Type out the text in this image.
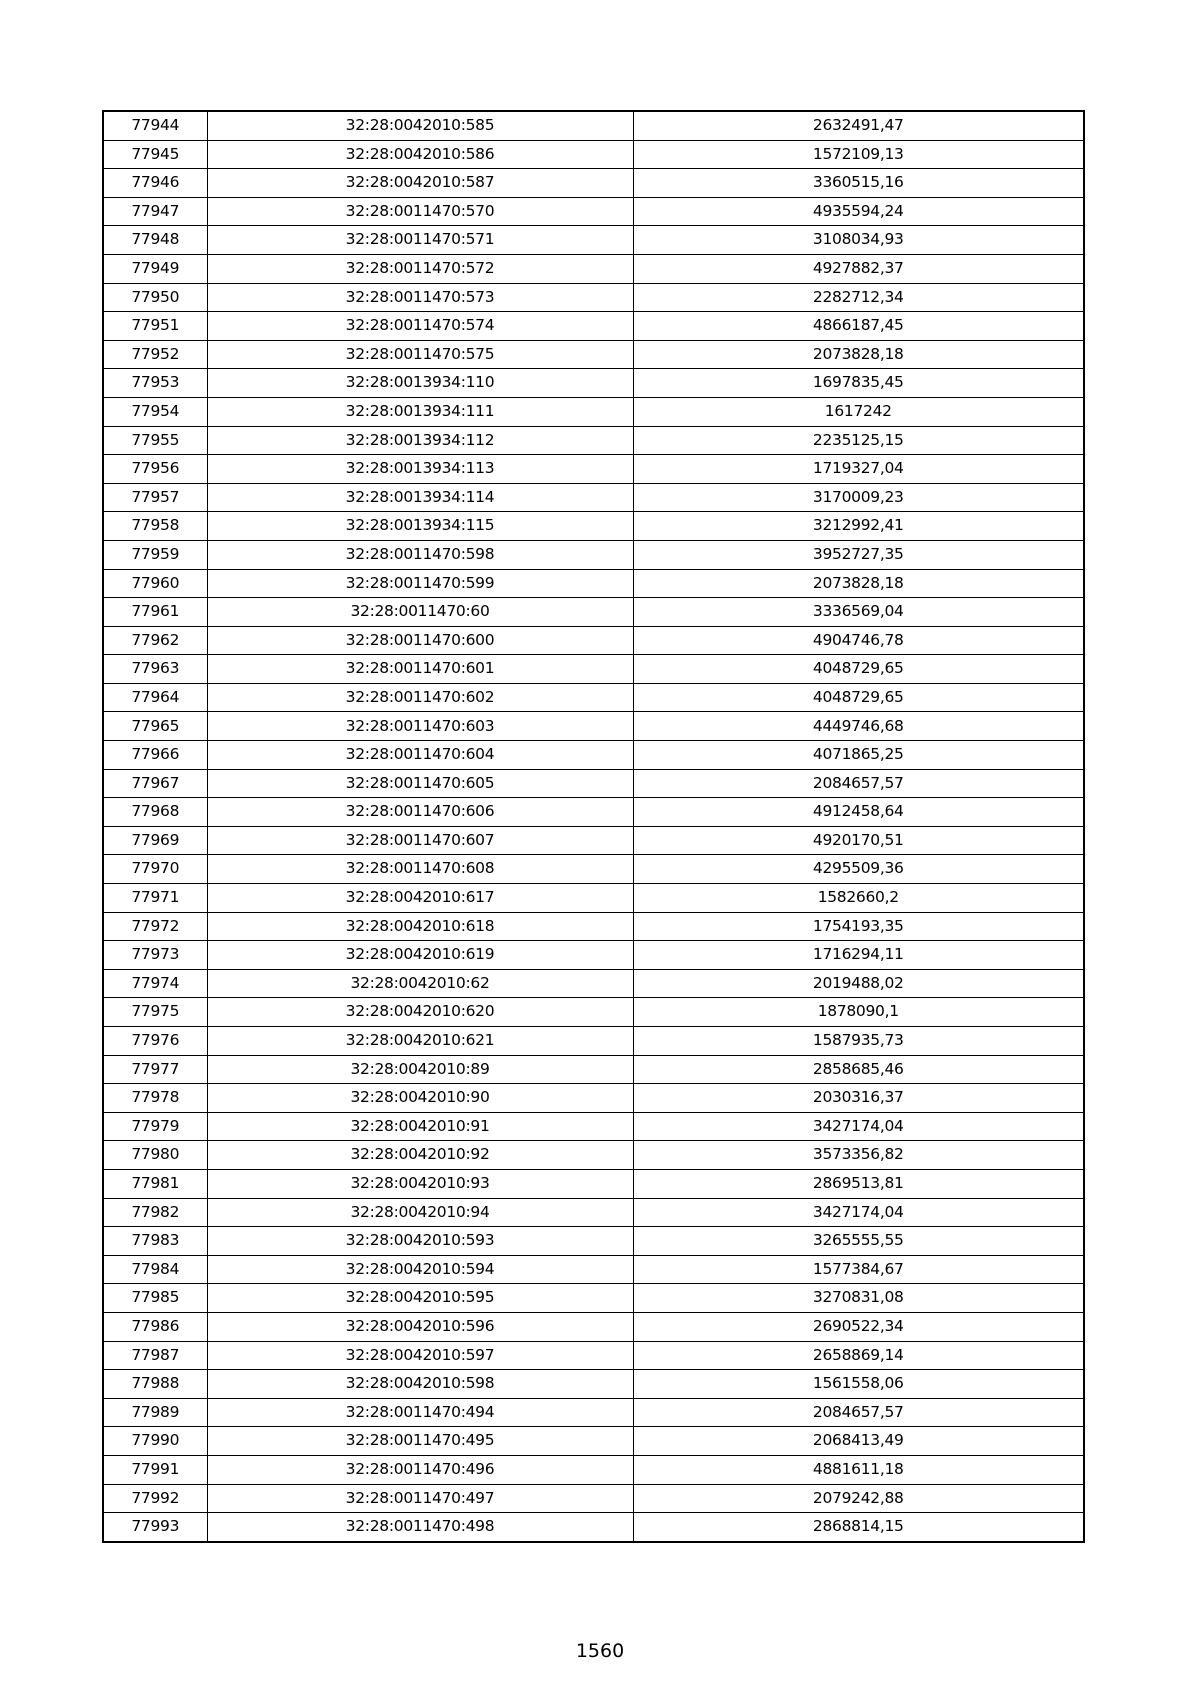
77944	32:28:0042010:585	2632491,47
77945	32:28:0042010:586	1572109,13
77946	32:28:0042010:587	3360515,16
77947	32:28:0011470:570	4935594,24
77948	32:28:0011470:571	3108034,93
77949	32:28:0011470:572	4927882,37
77950	32:28:0011470:573	2282712,34
77951	32:28:0011470:574	4866187,45
77952	32:28:0011470:575	2073828,18
77953	32:28:0013934:110	1697835,45
77954	32:28:0013934:111	1617242
77955	32:28:0013934:112	2235125,15
77956	32:28:0013934:113	1719327,04
77957	32:28:0013934:114	3170009,23
77958	32:28:0013934:115	3212992,41
77959	32:28:0011470:598	3952727,35
77960	32:28:0011470:599	2073828,18
77961	32:28:0011470:60	3336569,04
77962	32:28:0011470:600	4904746,78
77963	32:28:0011470:601	4048729,65
77964	32:28:0011470:602	4048729,65
77965	32:28:0011470:603	4449746,68
77966	32:28:0011470:604	4071865,25
77967	32:28:0011470:605	2084657,57
77968	32:28:0011470:606	4912458,64
77969	32:28:0011470:607	4920170,51
77970	32:28:0011470:608	4295509,36
77971	32:28:0042010:617	1582660,2
77972	32:28:0042010:618	1754193,35
77973	32:28:0042010:619	1716294,11
77974	32:28:0042010:62	2019488,02
77975	32:28:0042010:620	1878090,1
77976	32:28:0042010:621	1587935,73
77977	32:28:0042010:89	2858685,46
77978	32:28:0042010:90	2030316,37
77979	32:28:0042010:91	3427174,04
77980	32:28:0042010:92	3573356,82
77981	32:28:0042010:93	2869513,81
77982	32:28:0042010:94	3427174,04
77983	32:28:0042010:593	3265555,55
77984	32:28:0042010:594	1577384,67
77985	32:28:0042010:595	3270831,08
77986	32:28:0042010:596	2690522,34
77987	32:28:0042010:597	2658869,14
77988	32:28:0042010:598	1561558,06
77989	32:28:0011470:494	2084657,57
77990	32:28:0011470:495	2068413,49
77991	32:28:0011470:496	4881611,18
77992	32:28:0011470:497	2079242,88
77993	32:28:0011470:498	2868814,15
1560
